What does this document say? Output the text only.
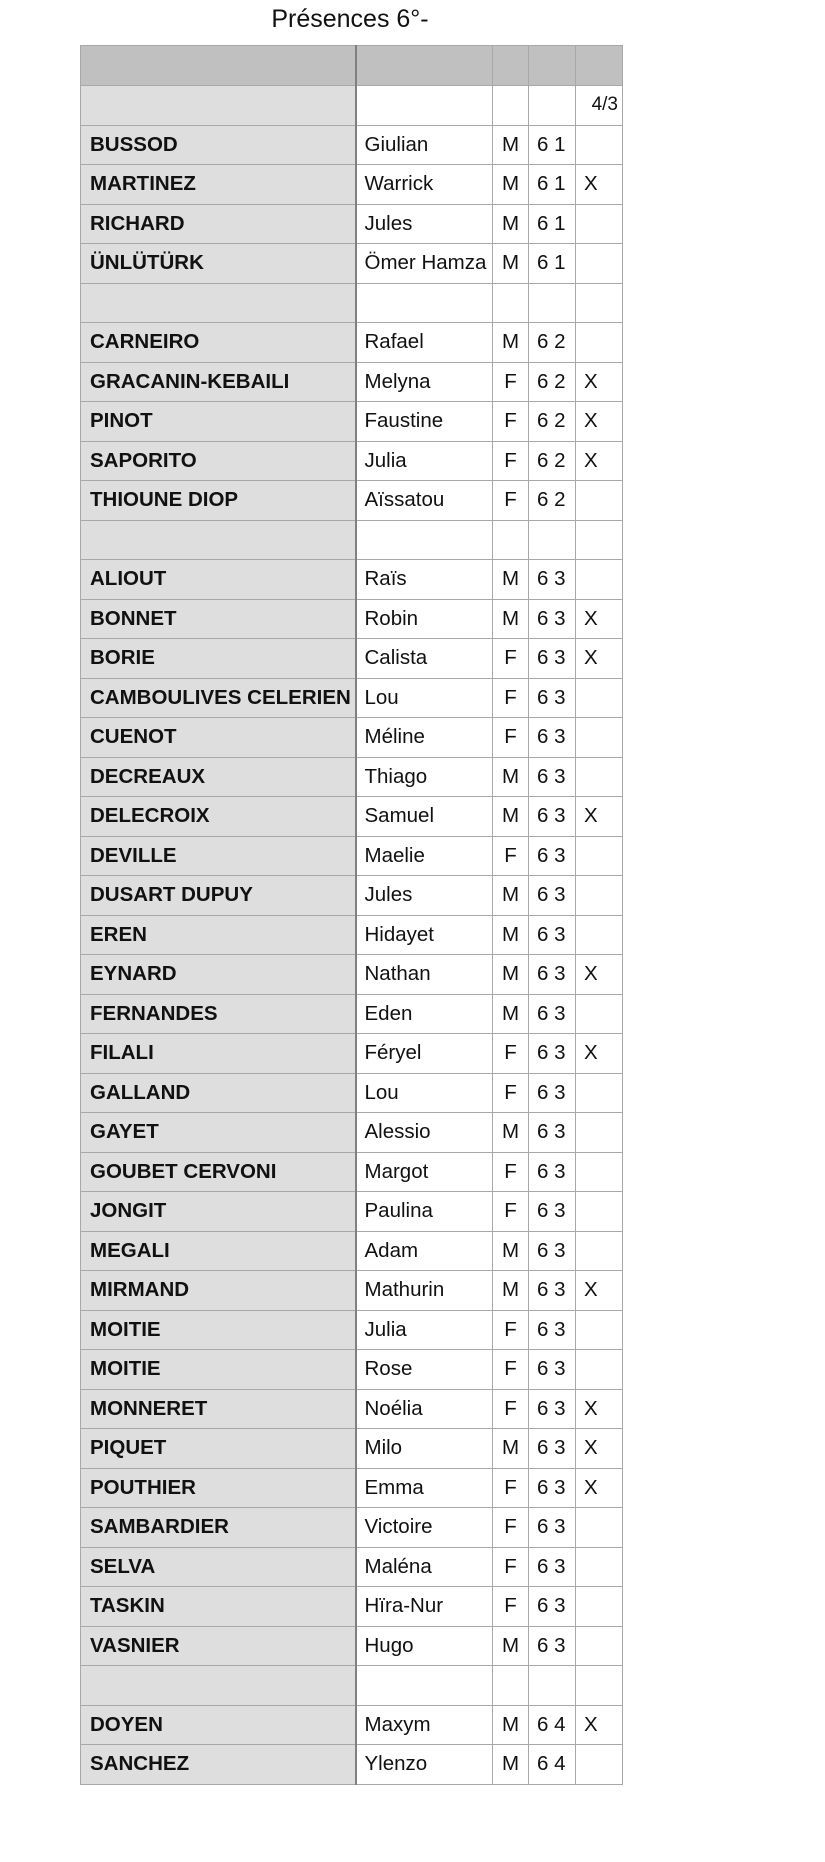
Présences 6°-

				4/3
BUSSOD	Giulian	M	6 1	
MARTINEZ	Warrick	M	6 1	X
RICHARD	Jules	M	6 1	
ÜNLÜTÜRK	Ömer Hamza	M	6 1	

CARNEIRO	Rafael	M	6 2	
GRACANIN-KEBAILI	Melyna	F	6 2	X
PINOT	Faustine	F	6 2	X
SAPORITO	Julia	F	6 2	X
THIOUNE DIOP	Aïssatou	F	6 2	

ALIOUT	Raïs	M	6 3	
BONNET	Robin	M	6 3	X
BORIE	Calista	F	6 3	X
CAMBOULIVES CELERIEN	Lou	F	6 3	
CUENOT	Méline	F	6 3	
DECREAUX	Thiago	M	6 3	
DELECROIX	Samuel	M	6 3	X
DEVILLE	Maelie	F	6 3	
DUSART DUPUY	Jules	M	6 3	
EREN	Hidayet	M	6 3	
EYNARD	Nathan	M	6 3	X
FERNANDES	Eden	M	6 3	
FILALI	Féryel	F	6 3	X
GALLAND	Lou	F	6 3	
GAYET	Alessio	M	6 3	
GOUBET CERVONI	Margot	F	6 3	
JONGIT	Paulina	F	6 3	
MEGALI	Adam	M	6 3	
MIRMAND	Mathurin	M	6 3	X
MOITIE	Julia	F	6 3	
MOITIE	Rose	F	6 3	
MONNERET	Noélia	F	6 3	X
PIQUET	Milo	M	6 3	X
POUTHIER	Emma	F	6 3	X
SAMBARDIER	Victoire	F	6 3	
SELVA	Maléna	F	6 3	
TASKIN	Hïra-Nur	F	6 3	
VASNIER	Hugo	M	6 3	

DOYEN	Maxym	M	6 4	X
SANCHEZ	Ylenzo	M	6 4	
